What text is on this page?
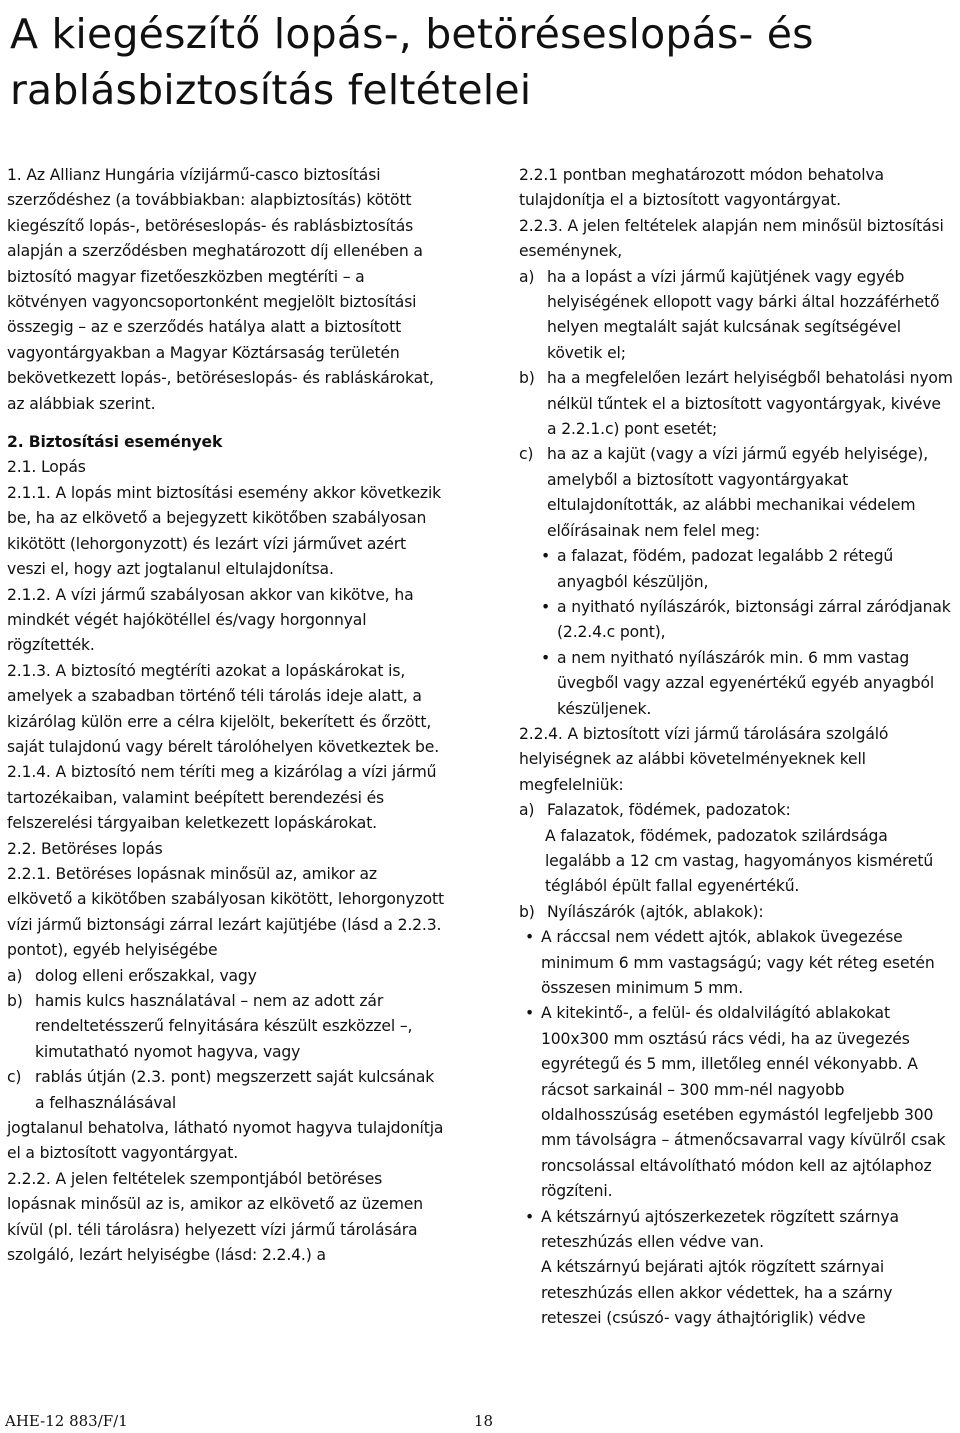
A kiegészítő lopás-, betöréseslopás- és rablásbiztosítás feltételei

1. Az Allianz Hungária vízijármű-casco biztosítási szerződéshez (a továbbiakban: alapbiztosítás) kötött kiegészítő lopás-, betöréseslopás- és rablásbiztosítás alapján a szerződésben meghatározott díj ellenében a biztosító magyar fizetőeszközben megtéríti – a kötvényen vagyoncsoportonként megjelölt biztosítási összegig – az e szerződés hatálya alatt a biztosított vagyontárgyakban a Magyar Köztársaság területén bekövetkezett lopás-, betöréseslopás- és rabláskárokat, az alábbiak szerint.

2. Biztosítási események

2.1. Lopás

2.1.1. A lopás mint biztosítási esemény akkor következik be, ha az elkövető a bejegyzett kikötőben szabályosan kikötött (lehorgonyzott) és lezárt vízi járművet azért veszi el, hogy azt jogtalanul eltulajdonítsa.

2.1.2. A vízi jármű szabályosan akkor van kikötve, ha mindkét végét hajókötéllel és/vagy horgonnyal rögzítették.

2.1.3. A biztosító megtéríti azokat a lopáskárokat is, amelyek a szabadban történő téli tárolás ideje alatt, a kizárólag külön erre a célra kijelölt, bekerített és őrzött, saját tulajdonú vagy bérelt tárolóhelyen következtek be.

2.1.4. A biztosító nem téríti meg a kizárólag a vízi jármű tartozékaiban, valamint beépített berendezési és felszerelési tárgyaiban keletkezett lopáskárokat.

2.2. Betöréses lopás

2.2.1. Betöréses lopásnak minősül az, amikor az elkövető a kikötőben szabályosan kikötött, lehorgonyzott vízi jármű biztonsági zárral lezárt kajütjébe (lásd a 2.2.3. pontot), egyéb helyiségébe

a) dolog elleni erőszakkal, vagy
b) hamis kulcs használatával – nem az adott zár rendeltetésszerű felnyitására készült eszközzel –, kimutatható nyomot hagyva, vagy
c) rablás útján (2.3. pont) megszerzett saját kulcsának a felhasználásával

jogtalanul behatolva, látható nyomot hagyva tulajdonítja el a biztosított vagyontárgyat.

2.2.2. A jelen feltételek szempontjából betöréses lopásnak minősül az is, amikor az elkövető az üzemen kívül (pl. téli tárolásra) helyezett vízi jármű tárolására szolgáló, lezárt helyiségbe (lásd: 2.2.4.) a

2.2.1 pontban meghatározott módon behatolva tulajdonítja el a biztosított vagyontárgyat.

2.2.3. A jelen feltételek alapján nem minősül biztosítási eseménynek,

a) ha a lopást a vízi jármű kajütjének vagy egyéb helyiségének ellopott vagy bárki által hozzáférhető helyen megtalált saját kulcsának segítségével követik el;
b) ha a megfelelően lezárt helyiségből behatolási nyom nélkül tűntek el a biztosított vagyontárgyak, kivéve a 2.2.1.c) pont esetét;
c) ha az a kajüt (vagy a vízi jármű egyéb helyisége), amelyből a biztosított vagyontárgyakat eltulajdonították, az alábbi mechanikai védelem előírásainak nem felel meg:
• a falazat, födém, padozat legalább 2 rétegű anyagból készüljön,
• a nyitható nyílászárók, biztonsági zárral záródjanak (2.2.4.c pont),
• a nem nyitható nyílászárók min. 6 mm vastag üvegből vagy azzal egyenértékű egyéb anyagból készüljenek.

2.2.4. A biztosított vízi jármű tárolására szolgáló helyiségnek az alábbi követelményeknek kell megfelelniük:

a) Falazatok, födémek, padozatok:

A falazatok, födémek, padozatok szilárdsága legalább a 12 cm vastag, hagyományos kisméretű téglából épült fallal egyenértékű.

b) Nyílászárók (ajtók, ablakok):
• A ráccsal nem védett ajtók, ablakok üvegezése minimum 6 mm vastagságú; vagy két réteg esetén összesen minimum 5 mm.
• A kitekintő-, a felül- és oldalvilágító ablakokat 100x300 mm osztású rács védi, ha az üvegezés egyrétegű és 5 mm, illetőleg ennél vékonyabb. A rácsot sarkainál – 300 mm-nél nagyobb oldalhosszúság esetében egymástól legfeljebb 300 mm távolságra – átmenőcsavarral vagy kívülről csak roncsolással eltávolítható módon kell az ajtólaphoz rögzíteni.
• A kétszárnyú ajtószerkezetek rögzített szárnya reteszhúzás ellen védve van.

A kétszárnyú bejárati ajtók rögzített szárnyai reteszhúzás ellen akkor védettek, ha a szárny reteszei (csúszó- vagy áthajtóriglik) védve

AHE-12 883/F/1	18
